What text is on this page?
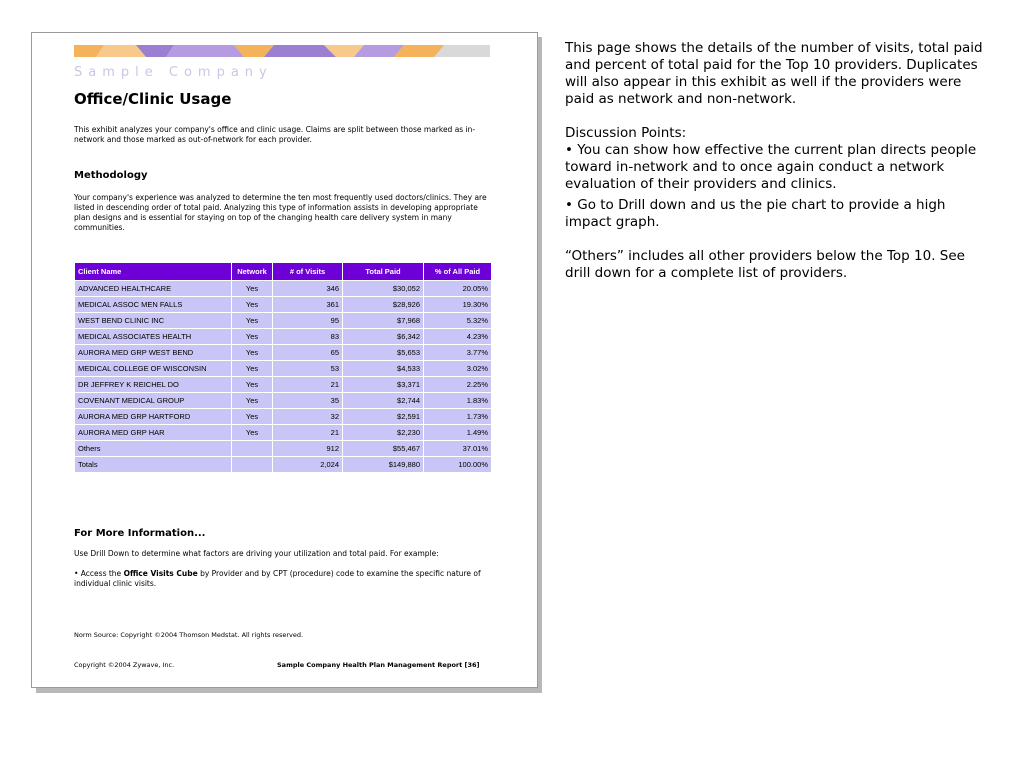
Sample Company
Office/Clinic Usage
This exhibit analyzes your company's office and clinic usage. Claims are split between those marked as in-network and those marked as out-of-network for each provider.
Methodology
Your company's experience was analyzed to determine the ten most frequently used doctors/clinics. They are listed in descending order of total paid. Analyzing this type of information assists in developing appropriate plan designs and is essential for staying on top of the changing health care delivery system in many communities.
Client Name	Network	# of Visits	Total Paid	% of All Paid
ADVANCED HEALTHCARE	Yes	346	$30,052	20.05%
MEDICAL ASSOC MEN FALLS	Yes	361	$28,926	19.30%
WEST BEND CLINIC INC	Yes	95	$7,968	5.32%
MEDICAL ASSOCIATES HEALTH	Yes	83	$6,342	4.23%
AURORA MED GRP WEST BEND	Yes	65	$5,653	3.77%
MEDICAL COLLEGE OF WISCONSIN	Yes	53	$4,533	3.02%
DR JEFFREY K REICHEL DO	Yes	21	$3,371	2.25%
COVENANT MEDICAL GROUP	Yes	35	$2,744	1.83%
AURORA MED GRP HARTFORD	Yes	32	$2,591	1.73%
AURORA MED GRP HAR	Yes	21	$2,230	1.49%
Others		912	$55,467	37.01%
Totals		2,024	$149,880	100.00%
For More Information...
Use Drill Down to determine what factors are driving your utilization and total paid. For example:
• Access the Office Visits Cube by Provider and by CPT (procedure) code to examine the specific nature of individual clinic visits.
Norm Source: Copyright ©2004 Thomson Medstat. All rights reserved.
Copyright ©2004 Zywave, Inc.	Sample Company Health Plan Management Report [36]

This page shows the details of the number of visits, total paid and percent of total paid for the Top 10 providers. Duplicates will also appear in this exhibit as well if the providers were paid as network and non-network.

Discussion Points:

• You can show how effective the current plan directs people toward in-network and to once again conduct a network evaluation of their providers and clinics.

• Go to Drill down and us the pie chart to provide a high impact graph.

“Others” includes all other providers below the Top 10. See drill down for a complete list of providers.
